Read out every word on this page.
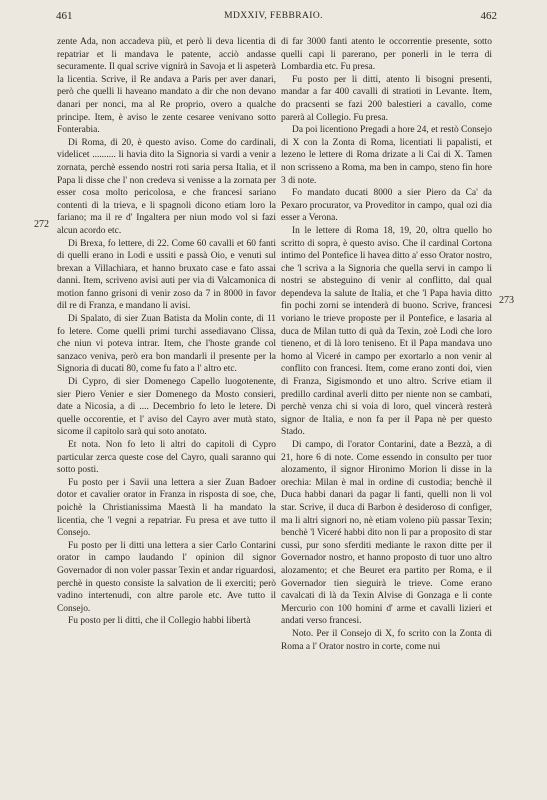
461	MDXXIV, FEBBRAIO.	462
272
273

zente Ada, non accadeva più, et però li deva licentia di repatriar et li mandava le patente, acciò andasse securamente. Il qual scrive vignirà in Savoja et li aspeterà la licentia. Scrive, il Re andava a Paris per aver danari, però che quelli li haveano mandato a dir che non devano danari per nonci, ma al Re proprio, overo a qualche principe. Item, è aviso le zente cesaree venivano sotto Fonterabia.

Di Roma, di 20, è questo aviso. Come do cardinali, videlicet .......... li havia dito la Signoria si vardi a venir a zornata, perchè essendo nostri roti saria persa Italia, et il Papa li disse che l' non credeva si venisse a la zornata per esser cosa molto pericolosa, e che francesi sariano contenti di la trieva, e li spagnoli dicono etiam loro la fariano; ma il re d' Ingaltera per niun modo vol si fazi alcun acordo etc.

Di Brexa, fo lettere, di 22. Come 60 cavalli et 60 fanti di quelli erano in Lodi e ussiti e passà Oio, e venuti sul brexan a Villachiara, et hanno bruxato case e fato assai danni. Item, scriveno avisi auti per via di Valcamonica di motion fanno grisoni di venir zoso da 7 in 8000 in favor dil re di Franza, e mandano li avisi.

Di Spalato, di sier Zuan Batista da Molin conte, di 11 fo letere. Come quelli primi turchi assediavano Clissa, che niun vi poteva intrar. Item, che l'hoste grande col sanzaco veniva, però era bon mandarli il presente per la Signoria di ducati 80, come fu fato a l' altro etc.

Di Cypro, di sier Domenego Capello luogotenente, sier Piero Venier e sier Domenego da Mosto consieri, date a Nicosia, a di .... Decembrio fo leto le letere. Di quelle occorentie, et l' aviso del Cayro aver mutà stato, sicome il capitolo sarà qui soto anotato.

Et nota. Non fo leto li altri do capitoli di Cypro particular zerca queste cose del Cayro, quali saranno qui sotto posti.

Fu posto per i Savii una lettera a sier Zuan Badoer dotor et cavalier orator in Franza in risposta di soe, che, poichè la Christianissima Maestà li ha mandato la licentia, che 'l vegni a repatriar. Fu presa et ave tutto il Consejo.

Fu posto per li ditti una lettera a sier Carlo Contarini orator in campo laudando l' opinion dil signor Governador di non voler passar Texin et andar riguardosi, perchè in questo consiste la salvation de li exerciti; però vadino intertenudi, con altre parole etc. Ave tutto il Consejo.

Fu posto per li ditti, che il Collegio habbi libertà

di far 3000 fanti atento le occorrentie presente, sotto quelli capi li parerano, per ponerli in le terra di Lombardia etc. Fu presa.

Fu posto per li ditti, atento li bisogni presenti, mandar a far 400 cavalli di stratioti in Levante. Item, do pracsenti se fazi 200 balestieri a cavallo, come parerà al Collegio. Fu presa.

Da poi licentiono Pregadi a hore 24, et restò Consejo di X con la Zonta di Roma, licentiati li papalisti, et lezeno le lettere di Roma drizate a li Cai di X. Tamen non scrisseno a Roma, ma ben in campo, steno fin hore 3 di note.

Fo mandato ducati 8000 a sier Piero da Ca' da Pexaro procurator, va Proveditor in campo, qual ozi dia esser a Verona.

In le lettere di Roma 18, 19, 20, oltra quello ho scritto di sopra, è questo aviso. Che il cardinal Cortona intimo del Pontefice li havea ditto a' esso Orator nostro, che 'l scriva a la Signoria che quella servi in campo li nostri se absteguino di venir al conflitto, dal qual dependeva la salute de Italia, et che 'l Papa havia ditto fin pochi zorni se intenderà di buono. Scrive, francesi voriano le trieve proposte per il Pontefice, e lasaria al duca de Milan tutto di quà da Texin, zoè Lodi che loro tieneno, et di là loro teniseno. Et il Papa mandava uno homo al Viceré in campo per exortarlo a non venir al conflito con francesi. Item, come erano zonti doi, vien di Franza, Sigismondo et uno altro. Scrive etiam il predillo cardinal averli ditto per niente non se cambati, perchè venza chi si voia di loro, quel vincerà resterà signor de Italia, e non fa per il Papa nè per questo Stado.

Di campo, di l'orator Contarini, date a Bezzà, a dì 21, hore 6 di note. Come essendo in consulto per tuor alozamento, il signor Hironimo Morion li disse in la orechia: Milan è mal in ordine di custodia; benchè il Duca habbi danari da pagar li fanti, quelli non li vol star. Scrive, il duca di Barbon è desideroso di configer, ma li altri signori no, nè etiam voleno più passar Texin; benchè 'l Viceré habbi dito non li par a proposito di star cussì, pur sono sferditi mediante le raxon ditte per il Governador nostro, et hanno proposto di tuor uno altro alozamento; et che Beuret era partito per Roma, e il Governador tien sieguirà le trieve. Come erano cavalcati di là da Texin Alvise di Gonzaga e li conte Mercurio con 100 homini d' arme et cavalli lizieri et andati verso francesi.

Noto. Per il Consejo di X, fo scrito con la Zonta di Roma a l' Orator nostro in corte, come nui
